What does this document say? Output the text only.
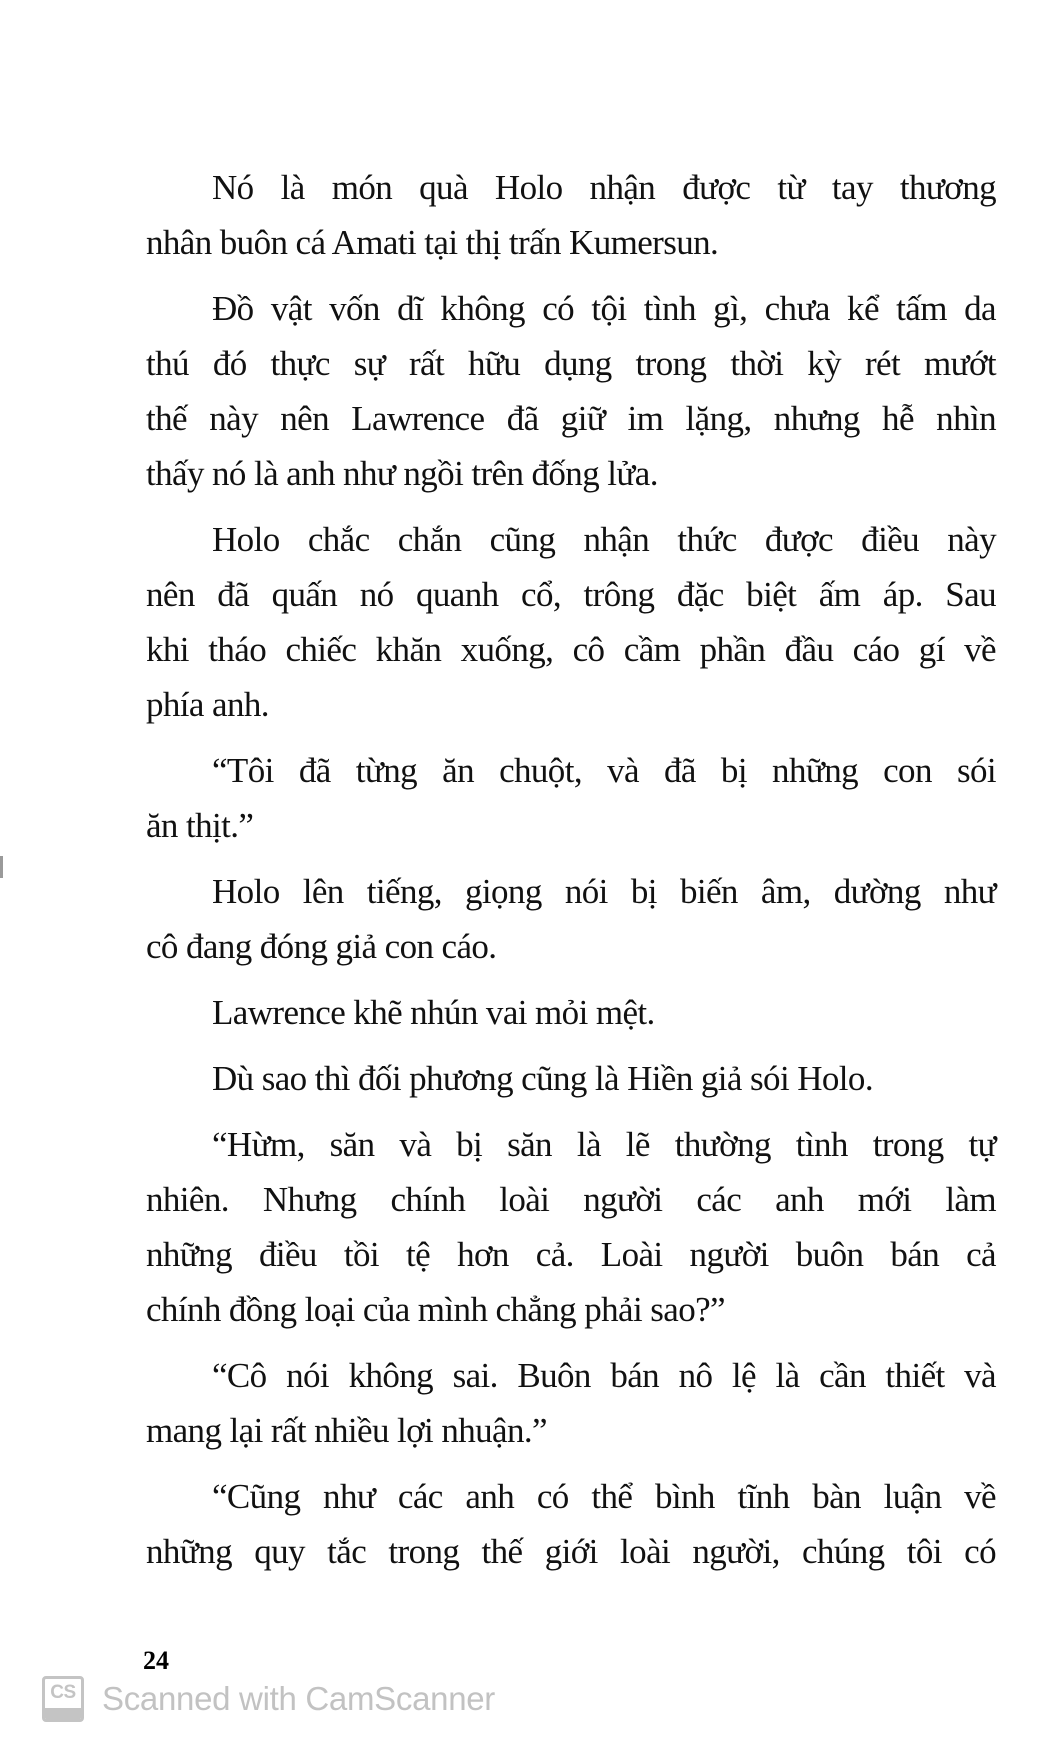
Nó là món quà Holo nhận được từ tay thương
nhân buôn cá Amati tại thị trấn Kumersun.
Đồ vật vốn dĩ không có tội tình gì, chưa kể tấm da
thú đó thực sự rất hữu dụng trong thời kỳ rét mướt
thế này nên Lawrence đã giữ im lặng, nhưng hễ nhìn
thấy nó là anh như ngồi trên đống lửa.
Holo chắc chắn cũng nhận thức được điều này
nên đã quấn nó quanh cổ, trông đặc biệt ấm áp. Sau
khi tháo chiếc khăn xuống, cô cầm phần đầu cáo gí về
phía anh.
“Tôi đã từng ăn chuột, và đã bị những con sói
ăn thịt.”
Holo lên tiếng, giọng nói bị biến âm, dường như
cô đang đóng giả con cáo.
Lawrence khẽ nhún vai mỏi mệt.
Dù sao thì đối phương cũng là Hiền giả sói Holo.
“Hừm, săn và bị săn là lẽ thường tình trong tự
nhiên. Nhưng chính loài người các anh mới làm
những điều tồi tệ hơn cả. Loài người buôn bán cả
chính đồng loại của mình chẳng phải sao?”
“Cô nói không sai. Buôn bán nô lệ là cần thiết và
mang lại rất nhiều lợi nhuận.”
“Cũng như các anh có thể bình tĩnh bàn luận về
những quy tắc trong thế giới loài người, chúng tôi có
24
CS Scanned with CamScanner
